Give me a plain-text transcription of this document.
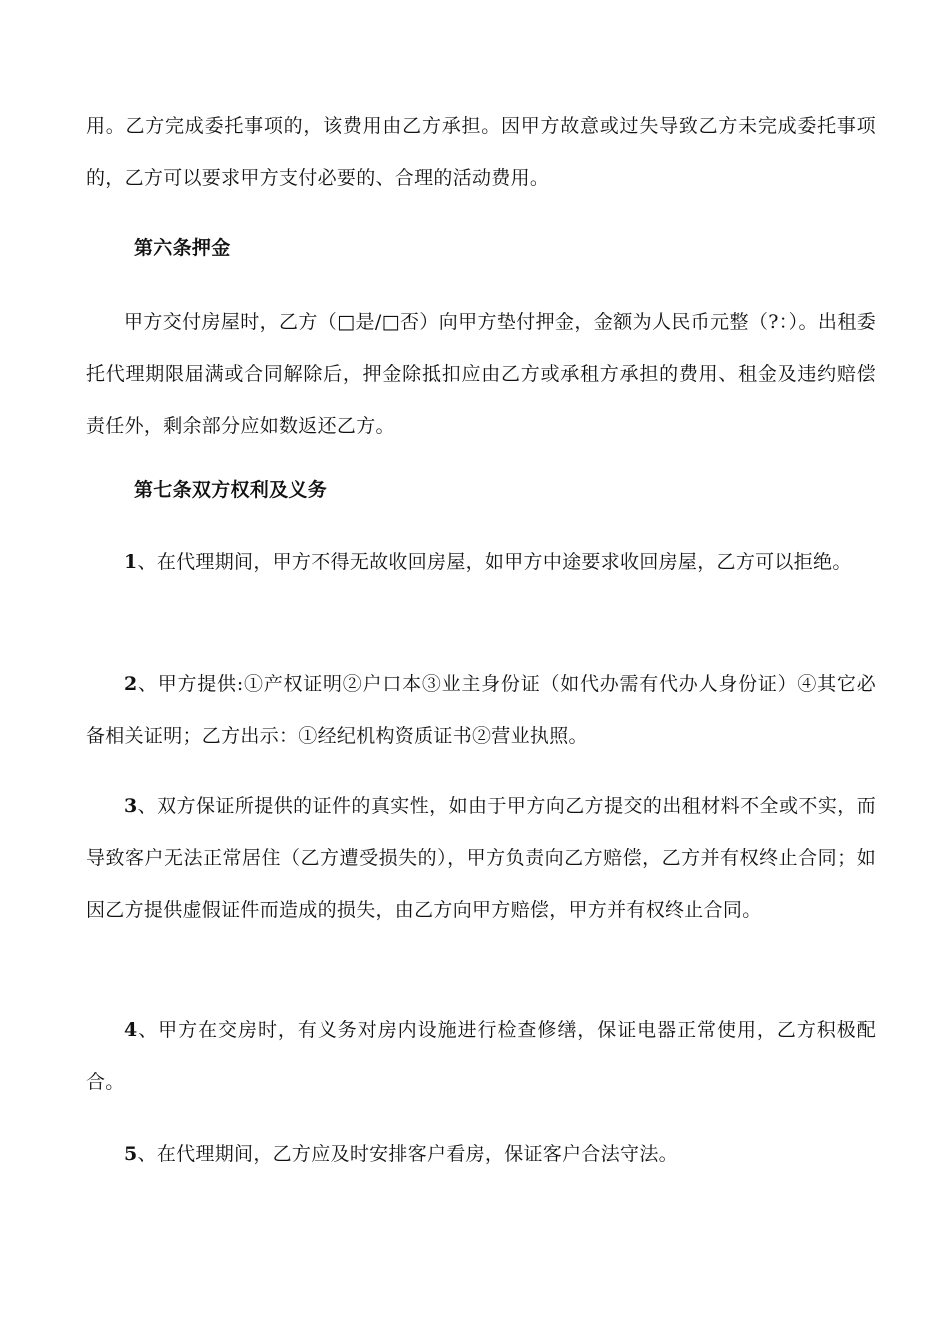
用。乙方完成委托事项的，该费用由乙方承担。因甲方故意或过失导致乙方未完成委托事项的，乙方可以要求甲方支付必要的、合理的活动费用。

第六条押金

甲方交付房屋时，乙方（□是/□否）向甲方垫付押金，金额为人民币元整（?：）。出租委托代理期限届满或合同解除后，押金除抵扣应由乙方或承租方承担的费用、租金及违约赔偿责任外，剩余部分应如数返还乙方。

第七条双方权利及义务

1、在代理期间，甲方不得无故收回房屋，如甲方中途要求收回房屋，乙方可以拒绝。

2、甲方提供:①产权证明②户口本③业主身份证（如代办需有代办人身份证）④其它必备相关证明；乙方出示：①经纪机构资质证书②营业执照。

3、双方保证所提供的证件的真实性，如由于甲方向乙方提交的出租材料不全或不实，而导致客户无法正常居住（乙方遭受损失的），甲方负责向乙方赔偿，乙方并有权终止合同；如因乙方提供虚假证件而造成的损失，由乙方向甲方赔偿，甲方并有权终止合同。

4、甲方在交房时，有义务对房内设施进行检查修缮，保证电器正常使用，乙方积极配合。

5、在代理期间，乙方应及时安排客户看房，保证客户合法守法。
